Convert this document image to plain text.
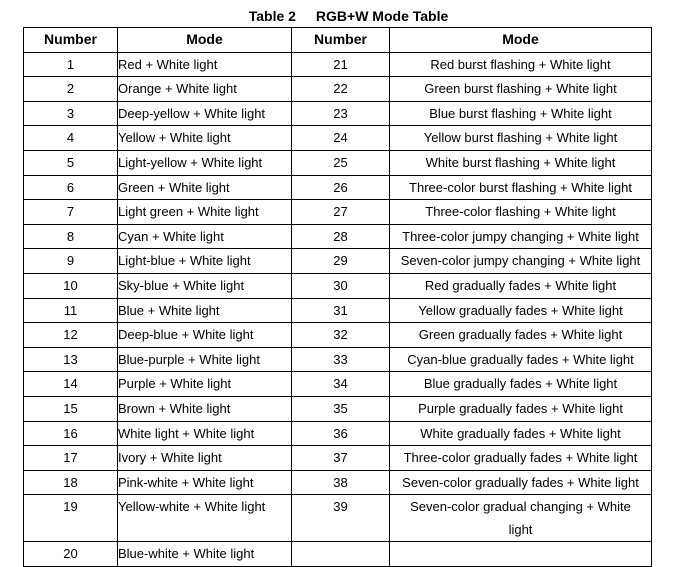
Table 2 RGB+W Mode Table
Number	Mode	Number	Mode
1	Red + White light	21	Red burst flashing + White light
2	Orange + White light	22	Green burst flashing + White light
3	Deep-yellow + White light	23	Blue burst flashing + White light
4	Yellow + White light	24	Yellow burst flashing + White light
5	Light-yellow + White light	25	White burst flashing + White light
6	Green + White light	26	Three-color burst flashing + White light
7	Light green + White light	27	Three-color flashing + White light
8	Cyan + White light	28	Three-color jumpy changing + White light
9	Light-blue + White light	29	Seven-color jumpy changing + White light
10	Sky-blue + White light	30	Red gradually fades + White light
11	Blue + White light	31	Yellow gradually fades + White light
12	Deep-blue + White light	32	Green gradually fades + White light
13	Blue-purple + White light	33	Cyan-blue gradually fades + White light
14	Purple + White light	34	Blue gradually fades + White light
15	Brown + White light	35	Purple gradually fades + White light
16	White light + White light	36	White gradually fades + White light
17	Ivory + White light	37	Three-color gradually fades + White light
18	Pink-white + White light	38	Seven-color gradually fades + White light
19	Yellow-white + White light	39	Seven-color gradual changing + White light
20	Blue-white + White light		
